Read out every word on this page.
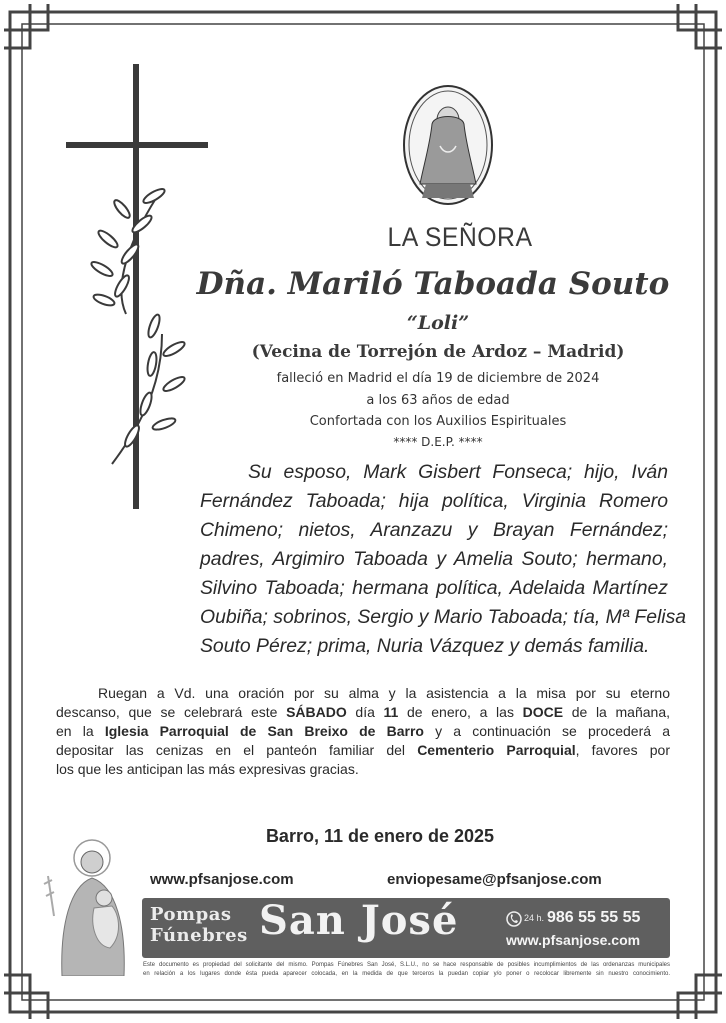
LA SEÑORA
Dña. Mariló Taboada Souto
“Loli”
(Vecina de Torrejón de Ardoz – Madrid)
falleció en Madrid el día 19 de diciembre de 2024
a los 63 años de edad
Confortada con los Auxilios Espirituales
**** D.E.P. ****
Su esposo, Mark Gisbert Fonseca; hijo, Iván
Fernández Taboada; hija política, Virginia Romero
Chimeno; nietos, Aranzazu y Brayan Fernández;
padres, Argimiro Taboada y Amelia Souto; hermano,
Silvino Taboada; hermana política, Adelaida Martínez
Oubiña; sobrinos, Sergio y Mario Taboada; tía, Mª Felisa
Souto Pérez; prima, Nuria Vázquez y demás familia.
Ruegan a Vd. una oración por su alma y la asistencia a la misa por su eterno
descanso, que se celebrará este SÁBADO día 11 de enero, a las DOCE de la mañana,
en la Iglesia Parroquial de San Breixo de Barro y a continuación se procederá a
depositar las cenizas en el panteón familiar del Cementerio Parroquial, favores por
los que les anticipan las más expresivas gracias.
Barro, 11 de enero de 2025
www.pfsanjose.com	enviopesame@pfsanjose.com
Pompas
Fúnebres San José	24 h. 986 55 55 55
www.pfsanjose.com
Este documento es propiedad del solicitante del mismo. Pompas Fúnebres San José, S.L.U., no se hace responsable de posibles incumplimientos de las ordenanzas municipales
en relación a los lugares donde ésta pueda aparecer colocada, en la medida de que terceros la puedan copiar y/o poner o recolocar libremente sin nuestro conocimiento.
